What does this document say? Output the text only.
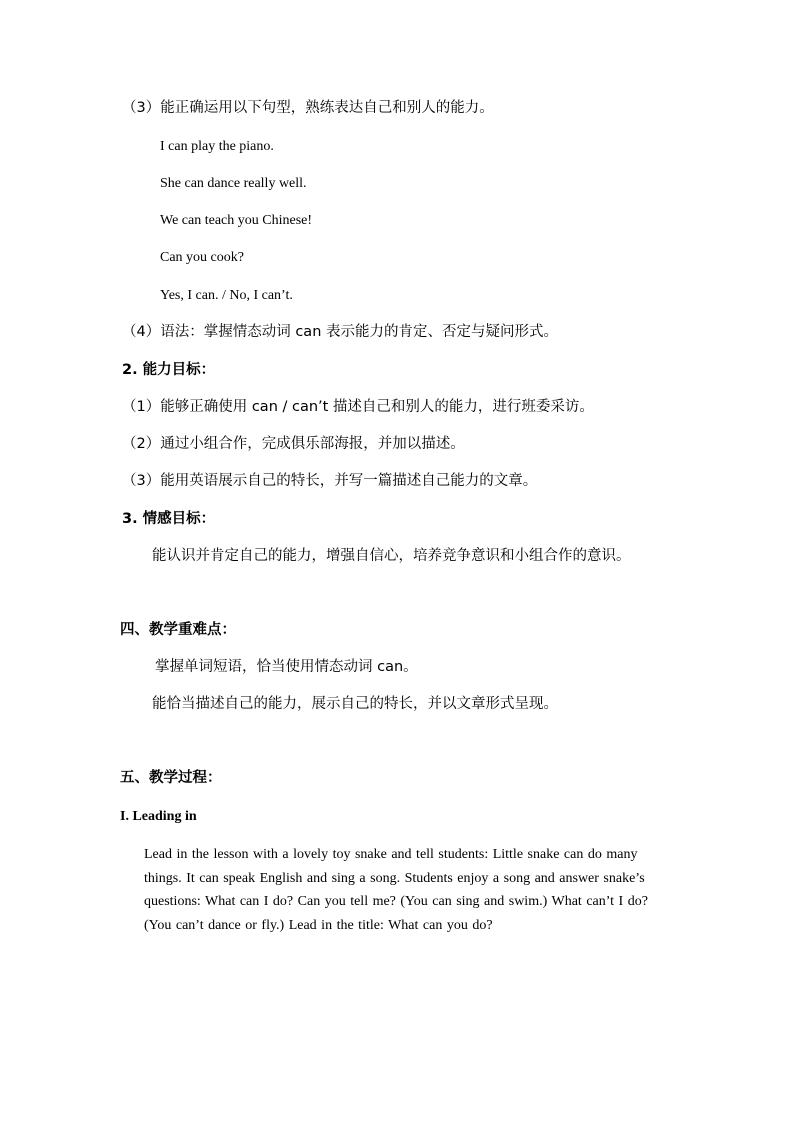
（3）能正确运用以下句型，熟练表达自己和别人的能力。
I can play the piano.
She can dance really well.
We can teach you Chinese!
Can you cook?
Yes, I can. / No, I can’t.
（4）语法：掌握情态动词 can 表示能力的肯定、否定与疑问形式。
2. 能力目标：
（1）能够正确使用 can / can’t 描述自己和别人的能力，进行班委采访。
（2）通过小组合作，完成俱乐部海报，并加以描述。
（3）能用英语展示自己的特长，并写一篇描述自己能力的文章。
3. 情感目标：
能认识并肯定自己的能力，增强自信心，培养竞争意识和小组合作的意识。
四、教学重难点：
掌握单词短语，恰当使用情态动词 can。
能恰当描述自己的能力，展示自己的特长，并以文章形式呈现。
五、教学过程：
I. Leading in
Lead in the lesson with a lovely toy snake and tell students: Little snake can do many things. It can speak English and sing a song. Students enjoy a song and answer snake’s questions: What can I do? Can you tell me? (You can sing and swim.) What can’t I do? (You can’t dance or fly.) Lead in the title: What can you do?
